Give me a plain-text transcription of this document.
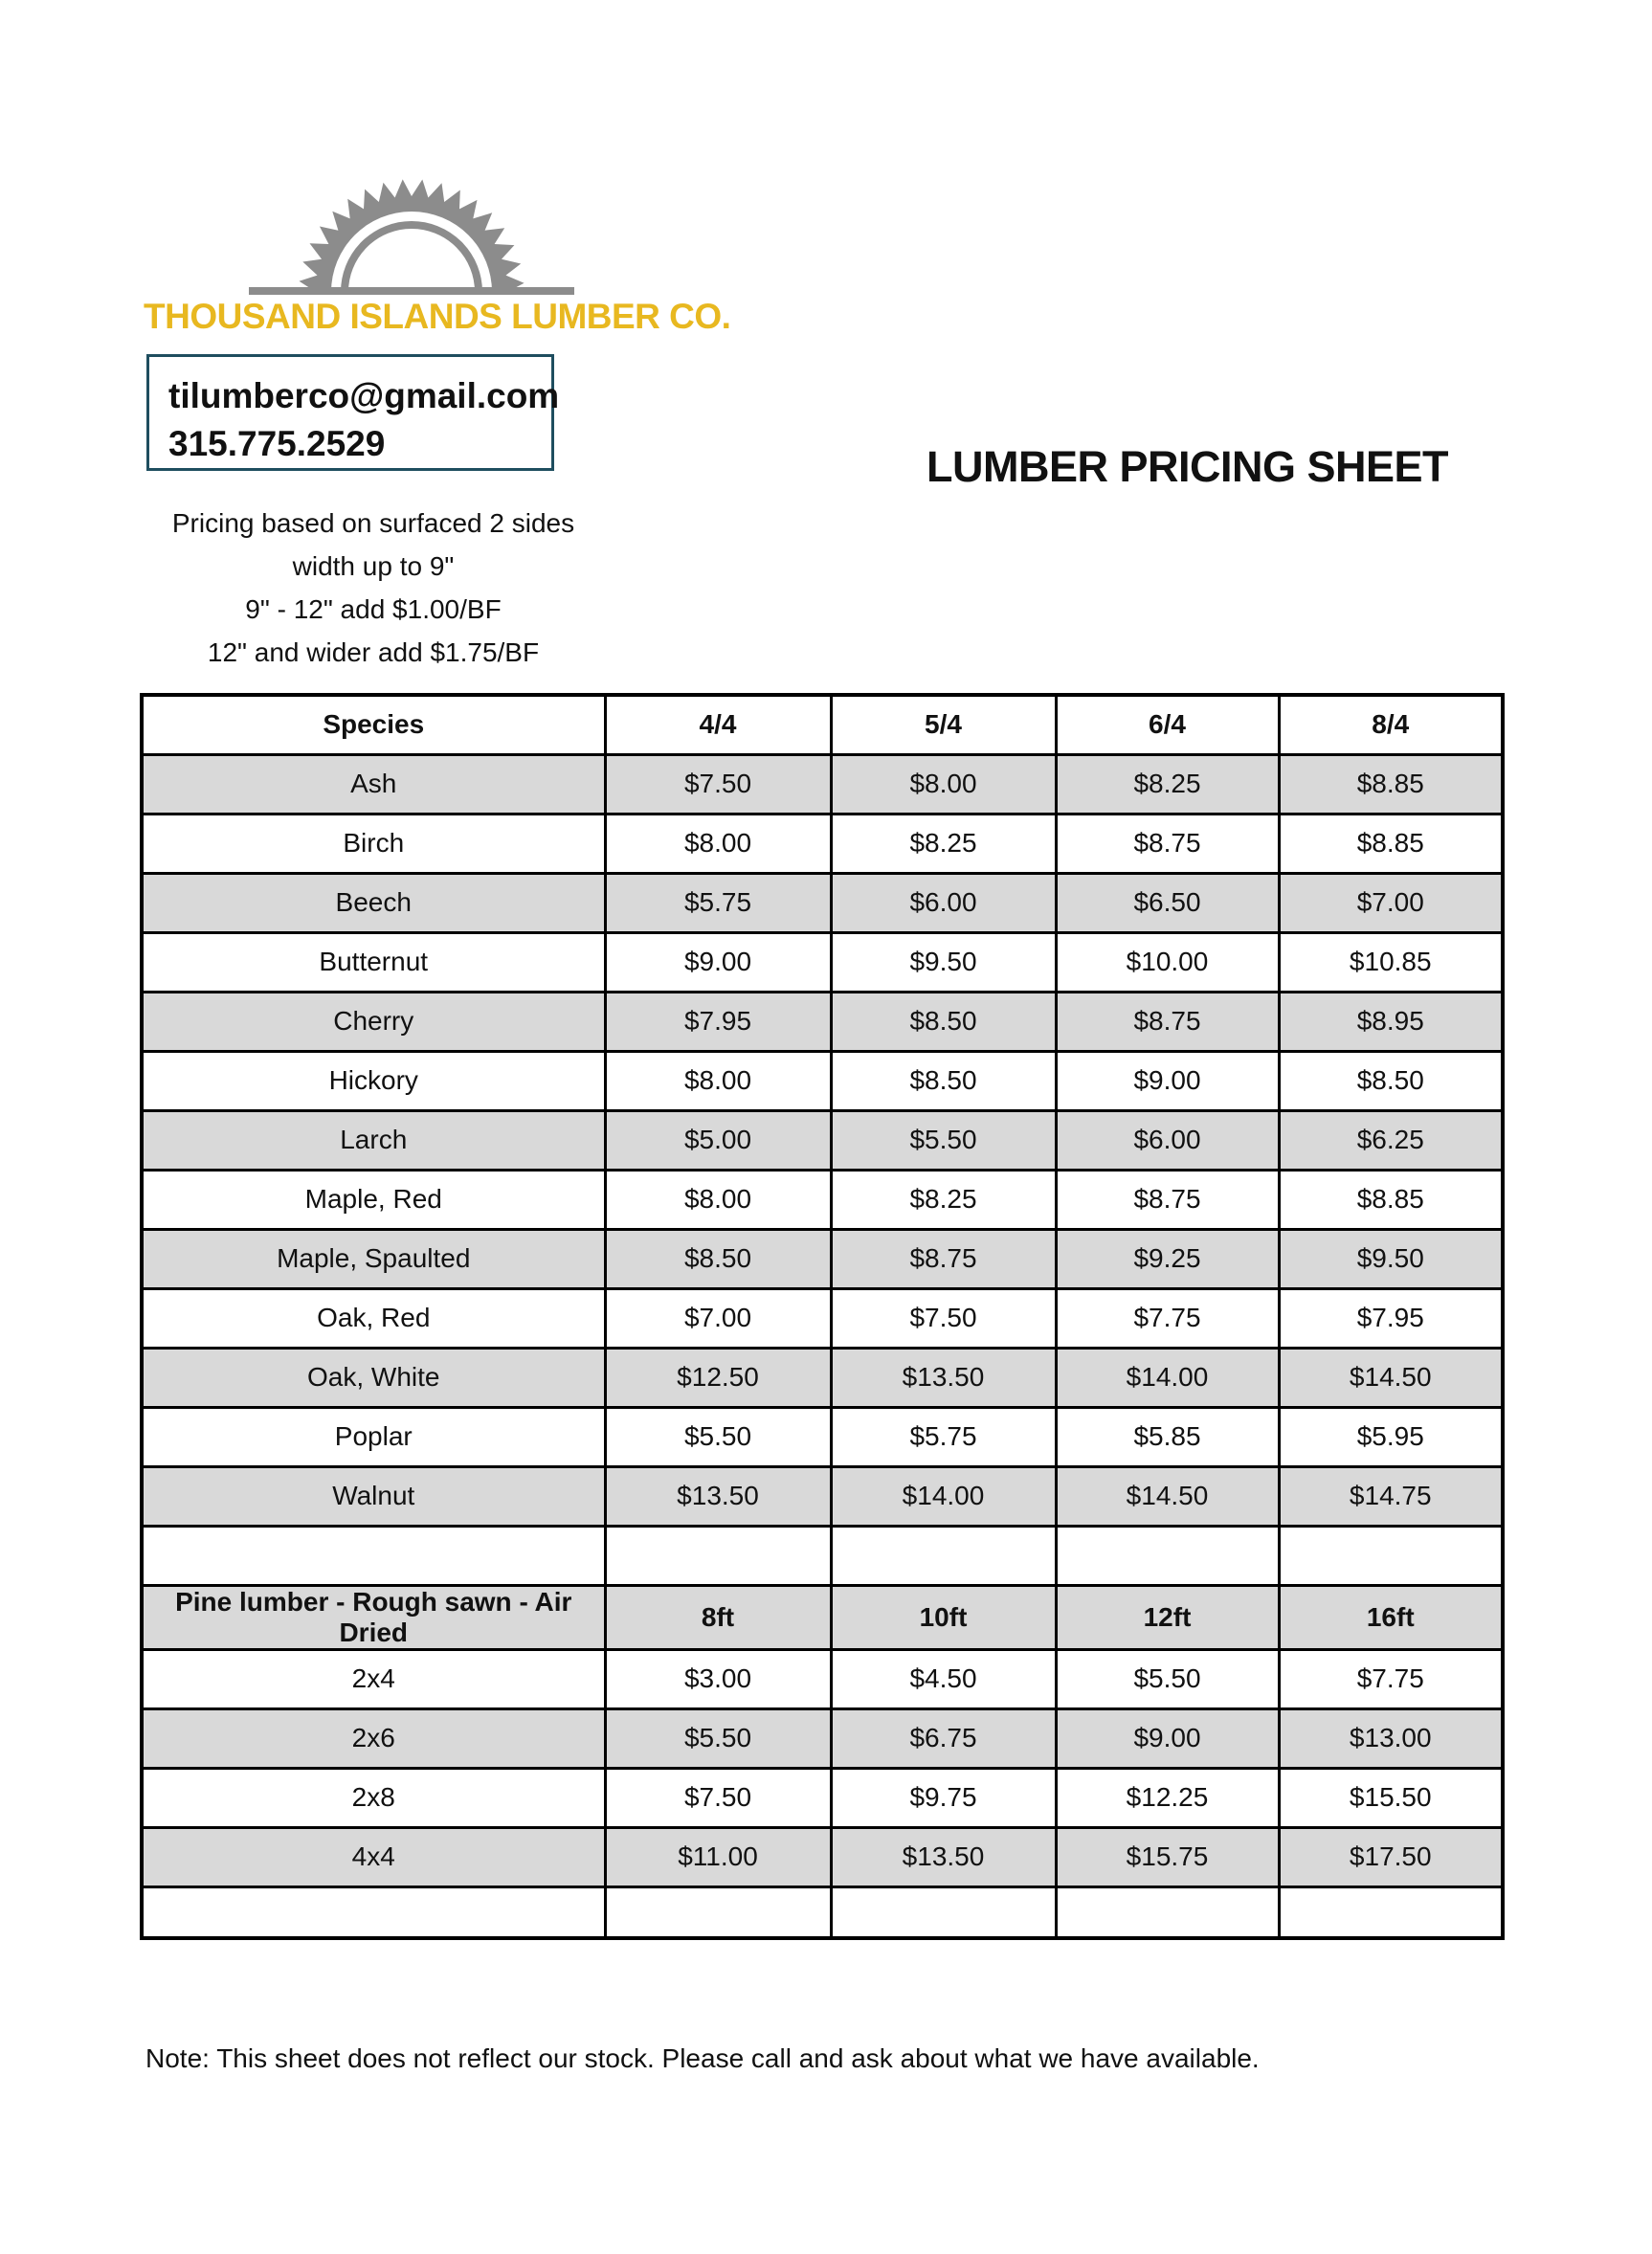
THOUSAND ISLANDS LUMBER CO.
tilumberco@gmail.com
315.775.2529	LUMBER PRICING SHEET
Pricing based on surfaced 2 sides
width up to 9"
9" - 12" add $1.00/BF
12" and wider add $1.75/BF
Species	4/4	5/4	6/4	8/4
Ash	$7.50	$8.00	$8.25	$8.85
Birch	$8.00	$8.25	$8.75	$8.85
Beech	$5.75	$6.00	$6.50	$7.00
Butternut	$9.00	$9.50	$10.00	$10.85
Cherry	$7.95	$8.50	$8.75	$8.95
Hickory	$8.00	$8.50	$9.00	$8.50
Larch	$5.00	$5.50	$6.00	$6.25
Maple, Red	$8.00	$8.25	$8.75	$8.85
Maple, Spaulted	$8.50	$8.75	$9.25	$9.50
Oak, Red	$7.00	$7.50	$7.75	$7.95
Oak, White	$12.50	$13.50	$14.00	$14.50
Poplar	$5.50	$5.75	$5.85	$5.95
Walnut	$13.50	$14.00	$14.50	$14.75

Pine lumber - Rough sawn - Air Dried	8ft	10ft	12ft	16ft
2x4	$3.00	$4.50	$5.50	$7.75
2x6	$5.50	$6.75	$9.00	$13.00
2x8	$7.50	$9.75	$12.25	$15.50
4x4	$11.00	$13.50	$15.75	$17.50

Note: This sheet does not reflect our stock. Please call and ask about what we have available.
